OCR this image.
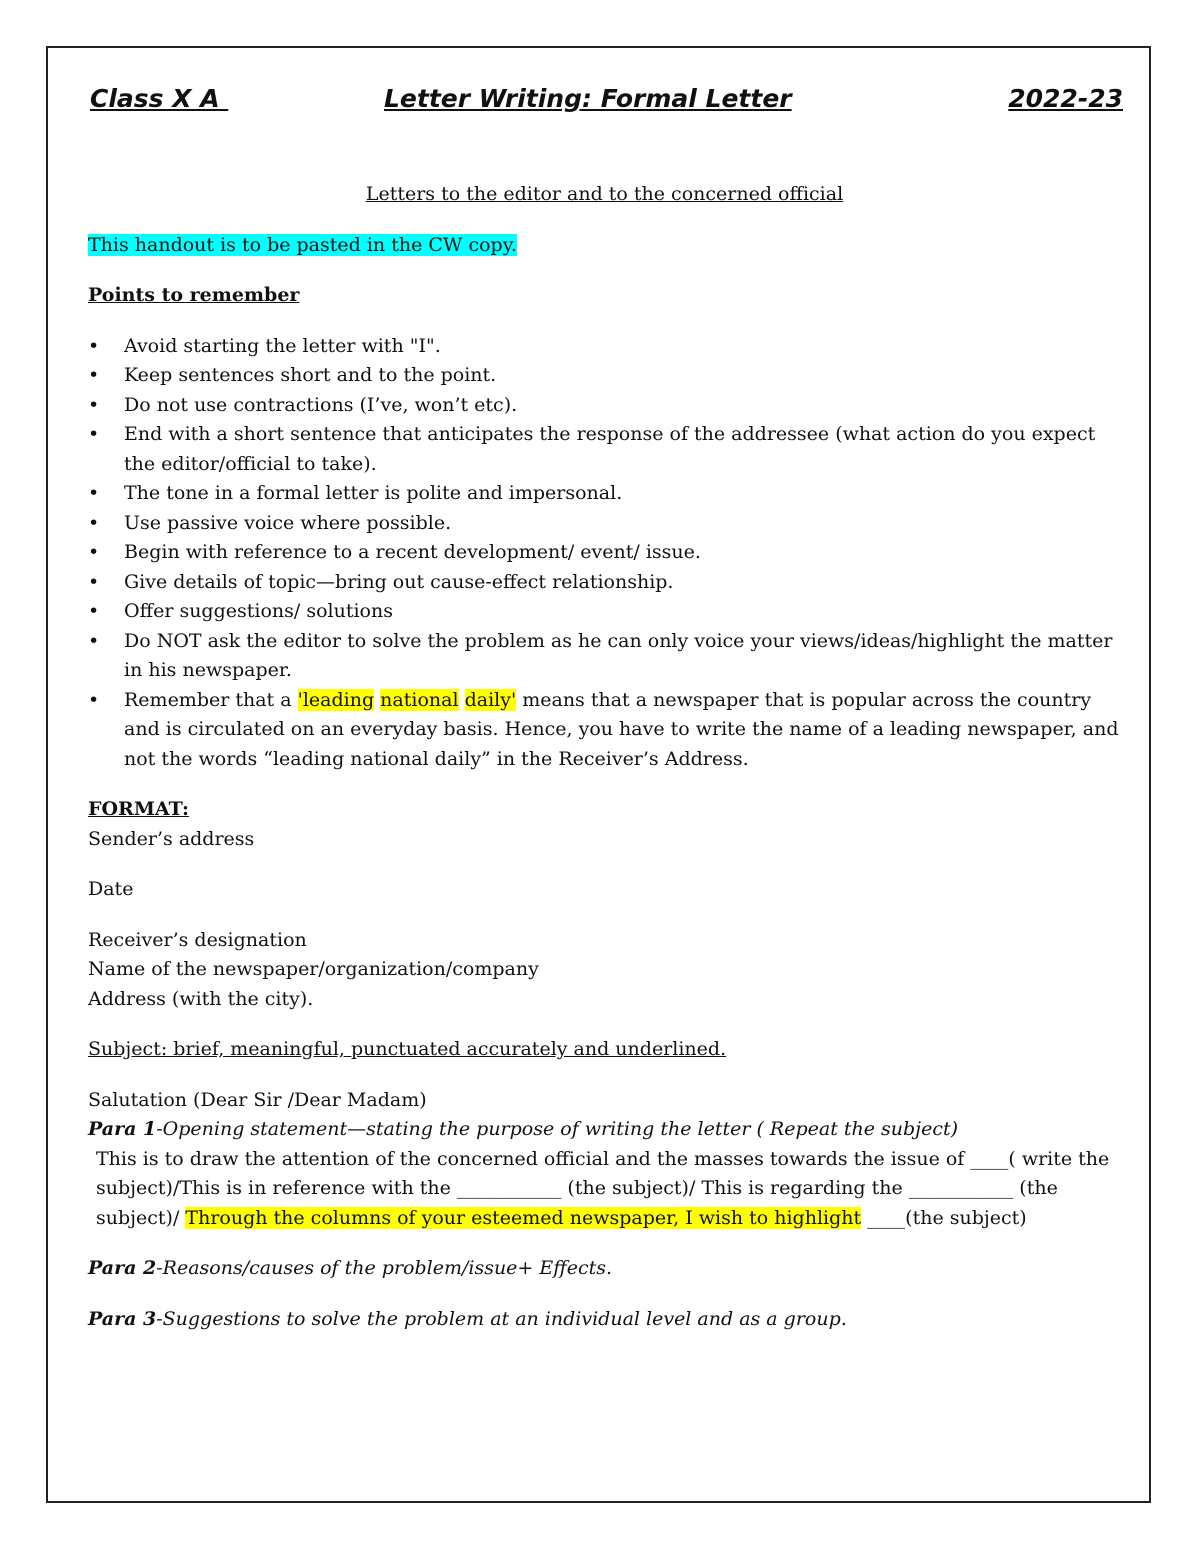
Class X A	Letter Writing: Formal Letter	2022-23
Letters to the editor and to the concerned official

This handout is to be pasted in the CW copy.

Points to remember

• Avoid starting the letter with "I".
• Keep sentences short and to the point.
• Do not use contractions (I’ve, won’t etc).
• End with a short sentence that anticipates the response of the addressee (what action do you expect the editor/official to take).
• The tone in a formal letter is polite and impersonal.
• Use passive voice where possible.
• Begin with reference to a recent development/ event/ issue.
• Give details of topic—bring out cause-effect relationship.
• Offer suggestions/ solutions
• Do NOT ask the editor to solve the problem as he can only voice your views/ideas/highlight the matter in his newspaper.
• Remember that a 'leading national daily' means that a newspaper that is popular across the country and is circulated on an everyday basis. Hence, you have to write the name of a leading newspaper, and not the words “leading national daily” in the Receiver’s Address.

FORMAT:

Sender’s address

Date

Receiver’s designation

Name of the newspaper/organization/company

Address (with the city).

Subject: brief, meaningful, punctuated accurately and underlined.

Salutation (Dear Sir /Dear Madam)

Para 1-Opening statement—stating the purpose of writing the letter ( Repeat the subject)

This is to draw the attention of the concerned official and the masses towards the issue of ____( write the subject)/This is in reference with the ___________ (the subject)/ This is regarding the ___________ (the subject)/ Through the columns of your esteemed newspaper, I wish to highlight ____(the subject)

Para 2-Reasons/causes of the problem/issue+ Effects.

Para 3-Suggestions to solve the problem at an individual level and as a group.
